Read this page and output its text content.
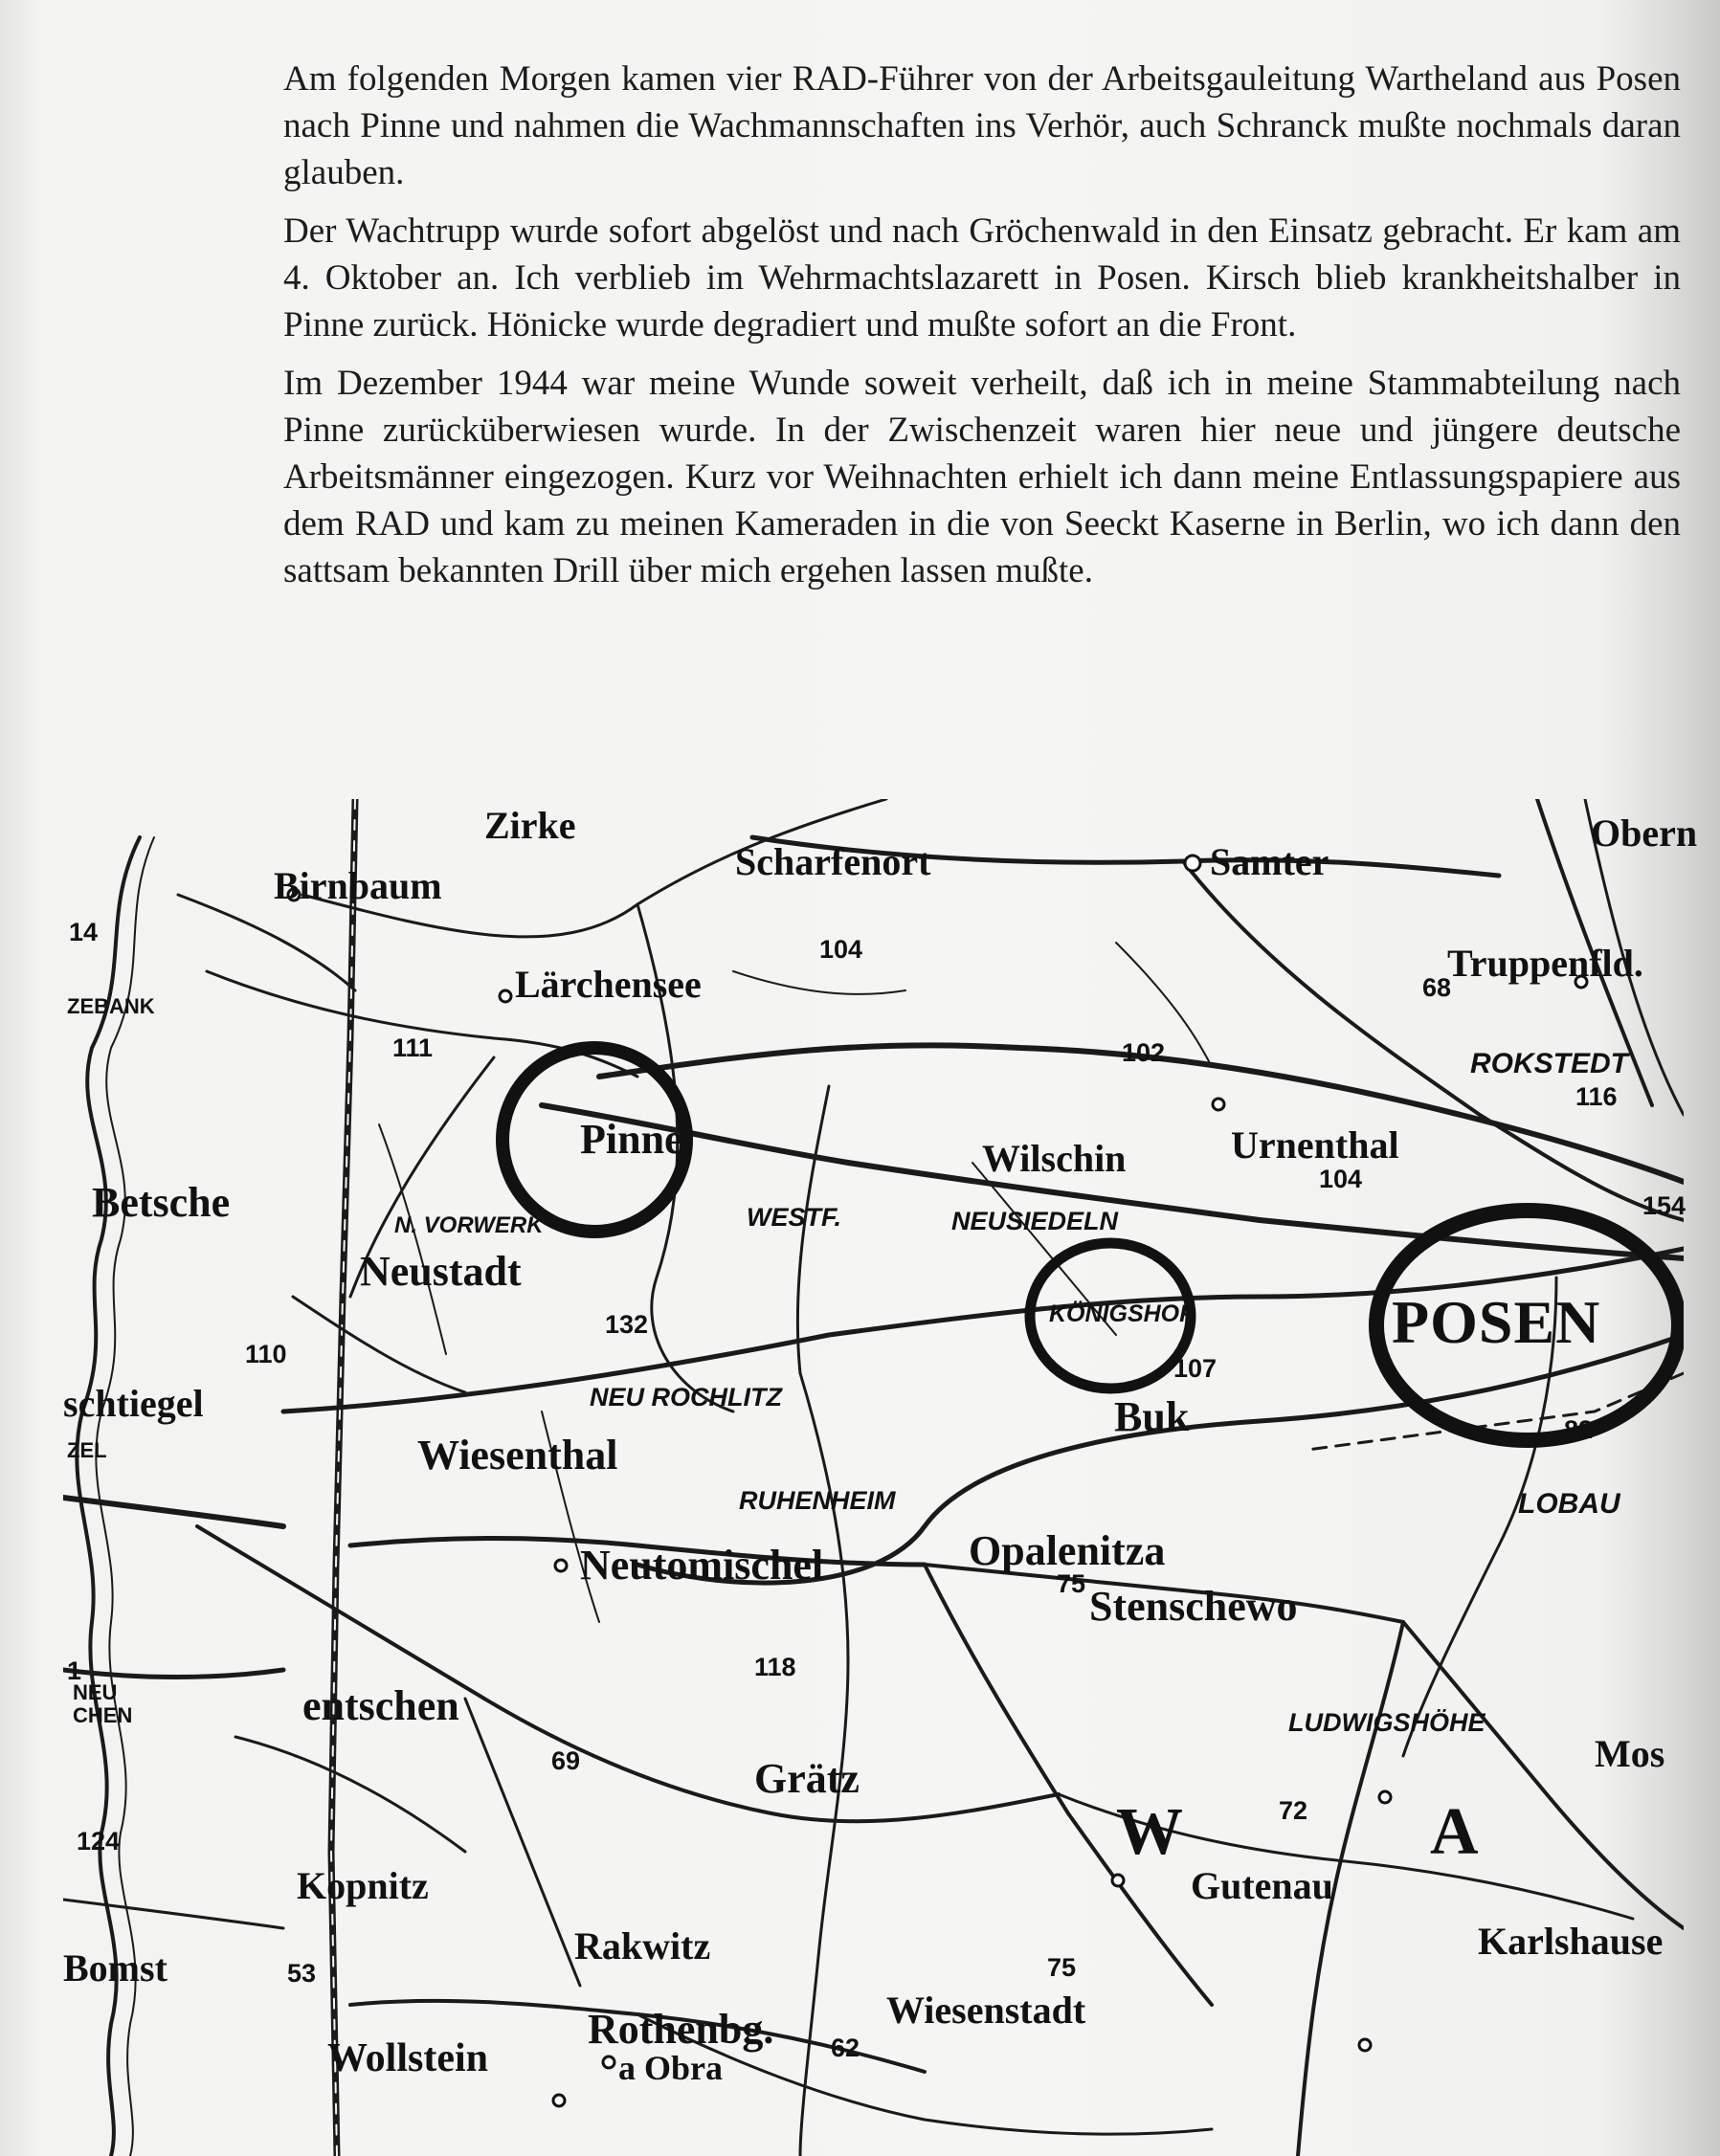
Am folgenden Morgen kamen vier RAD-Führer von der Arbeitsgauleitung Wartheland aus Posen nach Pinne und nahmen die Wachmannschaften ins Verhör, auch Schranck mußte nochmals daran glauben.

Der Wachtrupp wurde sofort abgelöst und nach Gröchenwald in den Einsatz gebracht. Er kam am 4. Oktober an. Ich verblieb im Wehrmachtslazarett in Posen. Kirsch blieb krankheitshalber in Pinne zurück. Hönicke wurde degradiert und mußte sofort an die Front.

Im Dezember 1944 war meine Wunde soweit verheilt, daß ich in meine Stammabteilung nach Pinne zurücküberwiesen wurde. In der Zwischenzeit waren hier neue und jüngere deutsche Arbeitsmänner eingezogen. Kurz vor Weihnachten erhielt ich dann meine Entlassungspapiere aus dem RAD und kam zu meinen Kameraden in die von Seeckt Kaserne in Berlin, wo ich dann den sattsam bekannten Drill über mich ergehen lassen mußte.

Zirke
Birnbaum
Scharfenort	Samter
Obern
Truppenfld.
Lärchensee
Pinne
Betsche
Neustadt
Wilschin	Urnenthal
POSEN
Buk
schtiegel
Wiesenthal
Neutomischel	Opalenitza
Stenschewo
entschen
Grätz
Mos
Kopnitz	Gutenau
Karlshause
Bomst
Rakwitz
Rothenbg.
a Obra
Wiesenstadt
Wollstein
ROKSTEDT
N. VORWERK	WESTF.	NEUSIEDELN
KÖNIGSHOF
NEU ROCHLITZ
RUHENHEIM	LOBAU
LUDWIGSHÖHE
ZEBANK
NEU CHEN
ZEL
104
68
111	102
116
104
154
132
110	107
82
75
118
69
72
124
53	75
62
14
1
W	A
